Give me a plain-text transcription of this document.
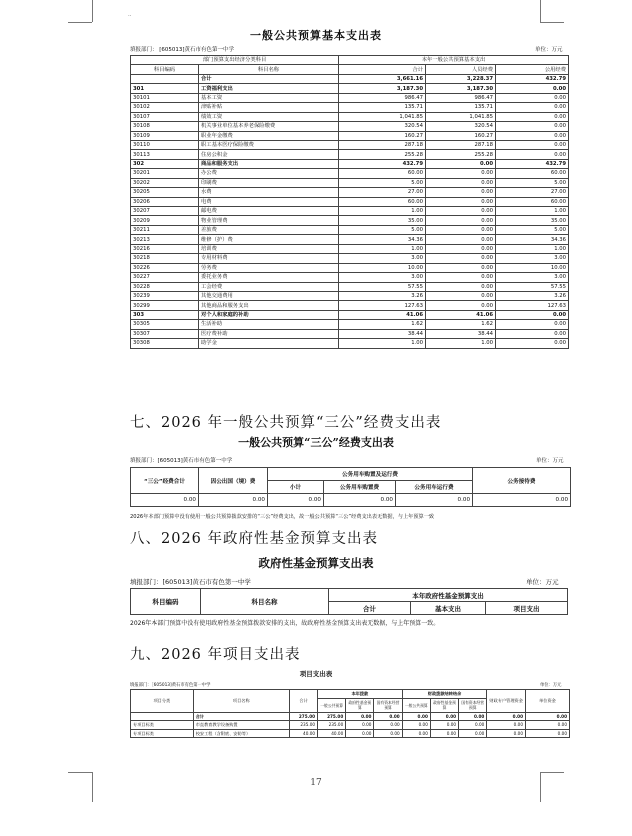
..
一般公共预算基本支出表
填报部门： [605013]黄石市有色第一中学	单位：万元
部门预算支出经济分类科目		本年一般公共预算基本支出		
科目编码	科目名称	合计	人员经费	公用经费
	合计	3,661.16	3,228.37	432.79
301	工资福利支出	3,187.30	3,187.30	0.00
30101	基本工资	986.47	986.47	0.00
30102	津贴补贴	135.71	135.71	0.00
30107	绩效工资	1,041.85	1,041.85	0.00
30108	机关事业单位基本养老保险缴费	320.54	320.54	0.00
30109	职业年金缴费	160.27	160.27	0.00
30110	职工基本医疗保险缴费	287.18	287.18	0.00
30113	住房公积金	255.28	255.28	0.00
302	商品和服务支出	432.79	0.00	432.79
30201	办公费	60.00	0.00	60.00
30202	印刷费	5.00	0.00	5.00
30205	水费	27.00	0.00	27.00
30206	电费	60.00	0.00	60.00
30207	邮电费	1.00	0.00	1.00
30209	物业管理费	35.00	0.00	35.00
30211	差旅费	5.00	0.00	5.00
30213	维修（护）费	34.36	0.00	34.36
30216	培训费	1.00	0.00	1.00
30218	专用材料费	3.00	0.00	3.00
30226	劳务费	10.00	0.00	10.00
30227	委托业务费	3.00	0.00	3.00
30228	工会经费	57.55	0.00	57.55
30239	其他交通费用	3.26	0.00	3.26
30299	其他商品和服务支出	127.63	0.00	127.63
303	对个人和家庭的补助	41.06	41.06	0.00
30305	生活补助	1.62	1.62	0.00
30307	医疗费补助	38.44	38.44	0.00
30308	助学金	1.00	1.00	0.00
七、2026 年一般公共预算“三公”经费支出表
一般公共预算“三公”经费支出表
填报部门：[605013]黄石市有色第一中学	单位：万元
“三公”经费合计	因公出国（境）费	公务用车购置及运行费			公务接待费
		小计	公务用车购置费	公务用车运行费	
0.00	0.00	0.00	0.00	0.00	0.00
2026年本部门预算中没有使用一般公共预算拨款安排的“三公”经费支出，故一般公共预算“三公”经费支出表无数据，与上年预算一致
八、2026 年政府性基金预算支出表
政府性基金预算支出表
填报部门：[605013]黄石市有色第一中学	单位：万元
科目编码	科目名称	本年政府性基金预算支出		
		合计	基本支出	项目支出
2026年本部门预算中没有使用政府性基金预算拨款安排的支出，故政府性基金预算支出表无数据，与上年预算一致。
九、2026 年项目支出表
项目支出表
填报部门：［605013]黄石市有色第一中学	单位：万元
项目分类	项目名称	合计	本年拨款			财政拨款结转结余			财政专户管理资金	单位资金
			一般公共预算	政府性基金预算	国有资本经营预算	一般公共预算	政府性基金预算	国有资本经营预算		
	合计	275.00	275.00	0.00	0.00	0.00	0.00	0.00	0.00	0.00
专项目标类	市直教育教学设备购置	235.00	235.00	0.00	0.00	0.00	0.00	0.00	0.00	0.00
专项目标类	校安工程（含附底、安防等）	40.00	40.00	0.00	0.00	0.00	0.00	0.00	0.00	0.00
17
